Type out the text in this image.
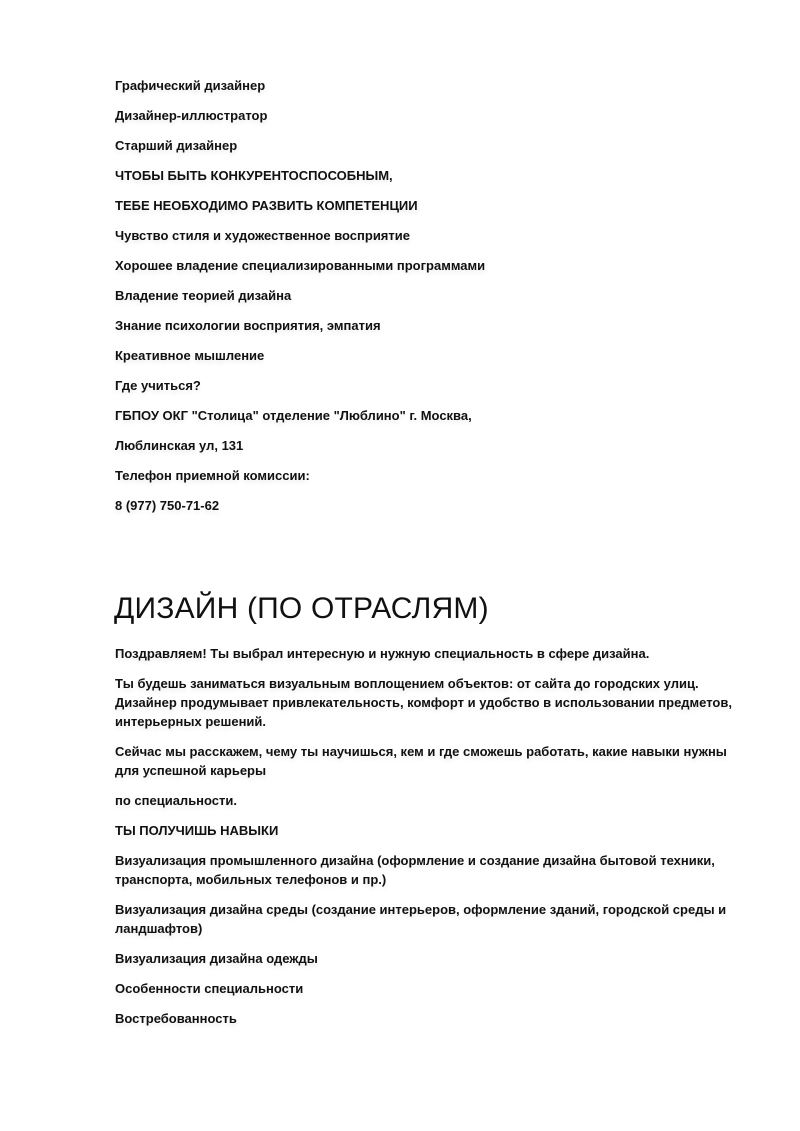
Графический дизайнер

Дизайнер-иллюстратор

Старший дизайнер

ЧТОБЫ БЫТЬ КОНКУРЕНТОСПОСОБНЫМ,

ТЕБЕ НЕОБХОДИМО РАЗВИТЬ КОМПЕТЕНЦИИ

Чувство стиля и художественное восприятие

Хорошее владение специализированными программами

Владение теорией дизайна

Знание психологии восприятия, эмпатия

Креативное мышление

Где учиться?

ГБПОУ ОКГ "Столица" отделение "Люблино" г. Москва,

Люблинская ул, 131

Телефон приемной комиссии:

8 (977) 750-71-62

ДИЗАЙН (ПО ОТРАСЛЯМ)

Поздравляем! Ты выбрал интересную и нужную специальность в сфере дизайна.

Ты будешь заниматься визуальным воплощением объектов: от сайта до городских улиц. Дизайнер продумывает привлекательность, комфорт и удобство в использовании предметов, интерьерных решений.

Сейчас мы расскажем, чему ты научишься, кем и где сможешь работать, какие навыки нужны для успешной карьеры

по специальности.

ТЫ ПОЛУЧИШЬ НАВЫКИ

Визуализация промышленного дизайна (оформление и создание дизайна бытовой техники, транспорта, мобильных телефонов и пр.)

Визуализация дизайна среды (создание интерьеров, оформление зданий, городской среды и ландшафтов)

Визуализация дизайна одежды

Особенности специальности

Востребованность
